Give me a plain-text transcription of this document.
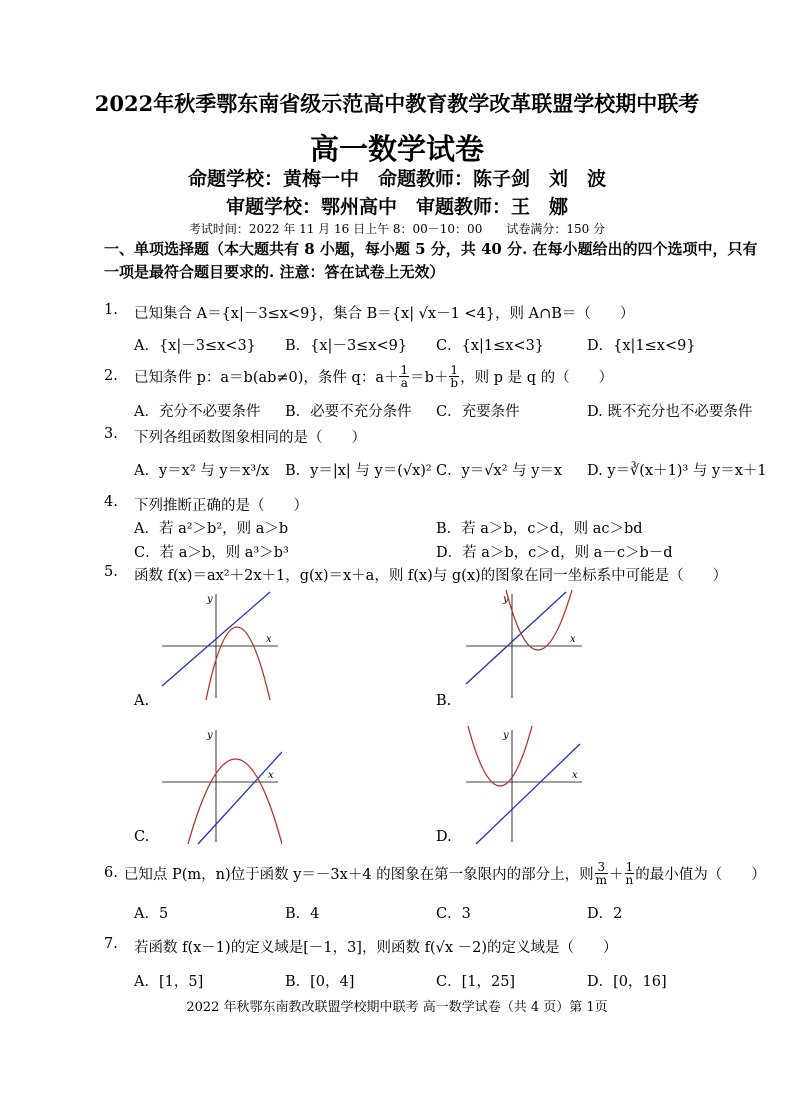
2022年秋季鄂东南省级示范高中教育教学改革联盟学校期中联考
高一数学试卷
命题学校：黄梅一中　命题教师：陈子剑　刘　波
审题学校：鄂州高中　审题教师：王　娜
考试时间：2022 年 11 月 16 日上午 8：00－10：00　　试卷满分：150 分
一、单项选择题（本大题共有 8 小题，每小题 5 分，共 40 分. 在每小题给出的四个选项中，只有一项是最符合题目要求的. 注意：答在试卷上无效）
1. 已知集合 A＝{x|－3≤x<9}，集合 B＝{x| √x－1 <4}，则 A∩B＝（　　）
A．{x|－3≤x<3} B．{x|－3≤x<9} C．{x|1≤x<3}	D．{x|1≤x<9}
2. 已知条件 p：a＝b(ab≠0)，条件 q：$a+ \frac{1}{a} =b+ \frac{1}{b}$ ，则 p 是 q 的（　　）
A．充分不必要条件 B．必要不充分条件 C．充要条件	D. 既不充分也不必要条件
3. 下列各组函数图象相同的是（　　）
A．y＝x² 与 y＝x³/x B．y＝|x| 与 y＝(√x)² C．y＝√x² 与 y＝x D. y＝∛(x＋1)³ 与 y＝x＋1
4. 下列推断正确的是（　　）
A．若 a²＞b²，则 a＞b	B．若 a＞b，c＞d，则 ac＞bd
C．若 a＞b，则 a³＞b³	D．若 a＞b，c＞d，则 a－c＞b－d
5. 函数 f(x)＝ax²＋2x＋1，g(x)＝x＋a，则 f(x)与 g(x)的图象在同一坐标系中可能是（　　）
x
y
A.
x
y
B.
x
y
C.
x
y
D.
6. 已知点 P(m，n)位于函数 y＝－3x＋4 的图象在第一象限内的部分上，则 $\frac{3}{m} + \frac{1}{n}$ 的最小值为（　　）
A．5	B．4	C．3	D．2
7. 若函数 f(x－1)的定义域是[－1，3]，则函数 f(√x －2)的定义域是（　　）
A．[1，5]	B．[0，4]	C．[1，25]	D．[0，16]
2022 年秋鄂东南教改联盟学校期中联考 高一数学试卷（共 4 页）第 1页
